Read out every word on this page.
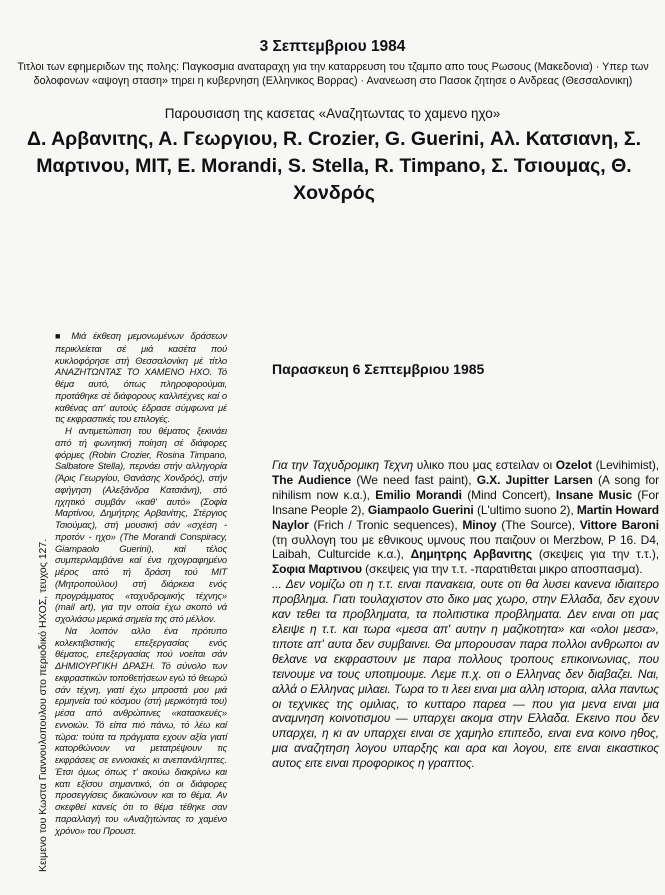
3 Σεπτεμβριου 1984
Τιτλοι των εφημεριδων της πολης: Παγκοσμια αναταραχη για την καταρρευση του τζαμπο απο τους Ρωσους (Μακεδονια) · Υπερ των δολοφονων «αψογη σταση» τηρει η κυβερνηση (Ελληνικος Βορρας) · Ανανεωση στο Πασοκ ζητησε ο Ανδρεας (Θεσσαλονικη)
Παρουσιαση της κασετας «Αναζητωντας το χαμενο ηχο»
Δ. Αρβανιτης, Α. Γεωργιου, R. Crozier, G. Guerini, Αλ. Κατσιανη, Σ. Μαρτινου, MIT, E. Morandi, S. Stella, R. Timpano, Σ. Τσιουμας, Θ. Χονδρός
Κειμενο του Κωστα Γιαννουλοπουλου στο περιοδικό ΗΧΟΣ, τευχος 127.

■ Μιά έκθεση μεμονωμένων δράσεων περικλείεται σέ μιά κασέτα πού κυκλοφόρησε στή Θεσσαλονίκη μέ τίτλο ΑΝΑΖΗΤΩΝΤΑΣ ΤΟ ΧΑΜΕΝΟ ΗΧΟ. Τό θέμα αυτό, όπως πληροφορούμαι, προτάθηκε σέ διάφορους καλλιτέχνες καί ο καθένας απ' αυτούς έδρασε σύμφωνα μέ τις εκφραστικές του επιλογές.

Η αντιμετώπιση του θέματος ξεκινάει από τή φωνητική ποίηση σέ διάφορες φόρμες (Robin Crozier, Rosina Timpano, Salbatore Stella), περνάει στήν αλληγορία (Άρις Γεωργίου, Θανάσης Χονδρός), στήν αφήγηση (Αλεξάνδρα Κατσιάνη), στό ηχητικό συμβάν «καθ' αυτό» (Σοφία Μαρτίνου, Δημήτρης Αρβανίτης, Στέργιος Τσιούμας), στή μουσική σάν «σχέση - προτόν - ηχο» (The Morandi Conspiracy, Giampaolo Guerini), καί τέλος συμπεριλαμβάνει καί ένα ηχογραφημένο μέρος από τή δράση τού ΜΙΤ (Μητροπούλου) στή διάρκεια ενός προγράμματος «ταχυδρομικής τέχνης» (mail art), για την οποία έχω σκοπό νά σχολιάσω μερικά σημεία της στό μέλλον.

Να λοιπόν αλλο ένα πρότυπο κολεκτιβιστικής επεξεργασίας ενός θέματος, επεξεργασίας πού νοείται σάν ΔΗΜΙΟΥΡΓΙΚΗ ΔΡΑΣΗ. Τό σύνολο των εκφραστικών τοποθετήσεων εγώ τό θεωρώ σάν τέχνη, γιατί έχω μπροστά μου μιά ερμηνεία τού κόσμου (στή μερικότητά του) μέσα από ανθρώπινες «κατασκευές» εννοιών. Τό είπα πιό πάνω, τό λέω καί τώρα: τούτα τα πράγματα εχουν αξία γιατί κατορθώνουν να μετατρέψουν τις εκφράσεις σε εννοιακές κι ανεπανάληπτες. Έτσι όμως όπως τ' ακούω διακρίνω και κατι εξίσου σημαντικό, ότι οι διάφορες προσεγγίσεις δικαιώνουν και το θέμα. Αν σκεφθεί κανείς ότι το θέμα τέθηκε σαν παραλλαγή του «Αναζητώντας το χαμένο χρόνο» του Προυστ.

Παρασκευη 6 Σεπτεμβριου 1985

Για την Ταχυδρομικη Τεχνη υλικο που μας εστειλαν οι Ozelot (Levihimist), The Audience (We need fast paint), G.X. Jupitter Larsen (A song for nihilism now κ.α.), Emilio Morandi (Mind Concert), Insane Music (For Insane People 2), Giampaolo Guerini (L'ultimo suono 2), Martin Howard Naylor (Frich / Tronic sequences), Minoy (The Source), Vittore Baroni (τη συλλογη του με εθνικους υμνους που παιζουν οι Merzbow, P 16. D4, Laibah, Culturcide κ.α.), Δημητρης Αρβανιτης (σκεψεις για την τ.τ.), Σοφια Μαρτινου (σκεψεις για την τ.τ. -παρατιθεται μικρο αποσπασμα).

... Δεν νομίζω οτι η τ.τ. ειναι πανακεια, ουτε οτι θα λυσει κανενα ιδιαιτερο προβλημα. Γιατι τουλαχιστον στο δικο μας χωρο, στην Ελλαδα, δεν εχουν καν τεθει τα προβληματα, τα πολιτιστικα προβληματα. Δεν ειναι οτι μας ελειψε η τ.τ. και τωρα «μεσα απ' αυτην η μαζικοτητα» και «ολοι μεσα», τιποτε απ' αυτα δεν συμβαινει. Θα μπορουσαν παρα πολλοι ανθρωποι αν θελανε να εκφραστουν με παρα πολλους τροπους επικοινωνιας, που τεινουμε να τους υποτιμουμε. Λεμε π.χ. οτι ο Ελληνας δεν διαβαζει. Ναι, αλλά ο Ελληνας μιλαει. Τωρα το τι λεει ειναι μια αλλη ιστορια, αλλα παντως οι τεχνικες της ομιλιας, το κυτταρο παρεα — που για μενα ειναι μια αναμνηση κοινοτισμου — υπαρχει ακομα στην Ελλαδα. Εκεινο που δεν υπαρχει, η κι αν υπαρχει ειναι σε χαμηλο επιπεδο, ειναι ενα κοινο ηθος, μια αναζητηση λογου υπαρξης και αρα και λογου, ειτε ειναι εικαστικος αυτος ειτε ειναι προφορικος η γραπτος.
